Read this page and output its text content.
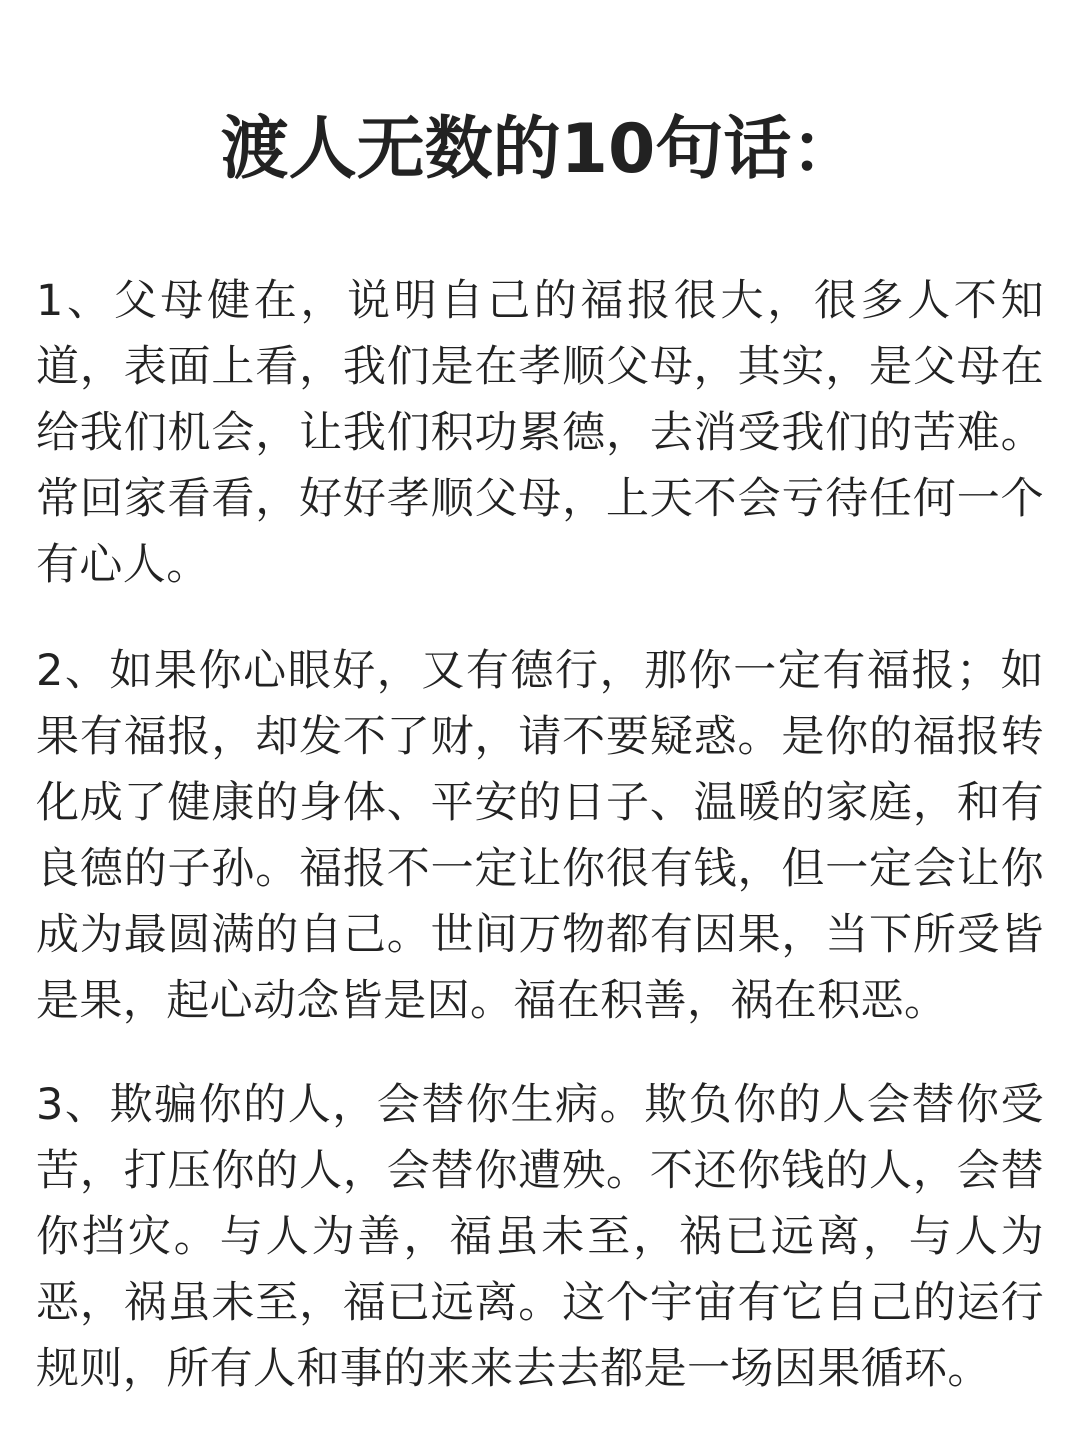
渡人无数的10句话：
1、父母健在，说明自己的福报很大，很多人不知道，表面上看，我们是在孝顺父母，其实，是父母在给我们机会，让我们积功累德，去消受我们的苦难。常回家看看，好好孝顺父母，上天不会亏待任何一个有心人。
2、如果你心眼好，又有德行，那你一定有福报；如果有福报，却发不了财，请不要疑惑。是你的福报转化成了健康的身体、平安的日子、温暖的家庭，和有良德的子孙。福报不一定让你很有钱，但一定会让你成为最圆满的自己。世间万物都有因果，当下所受皆是果，起心动念皆是因。福在积善，祸在积恶。
3、欺骗你的人，会替你生病。欺负你的人会替你受苦，打压你的人，会替你遭殃。不还你钱的人，会替你挡灾。与人为善，福虽未至，祸已远离，与人为恶，祸虽未至，福已远离。这个宇宙有它自己的运行规则，所有人和事的来来去去都是一场因果循环。
